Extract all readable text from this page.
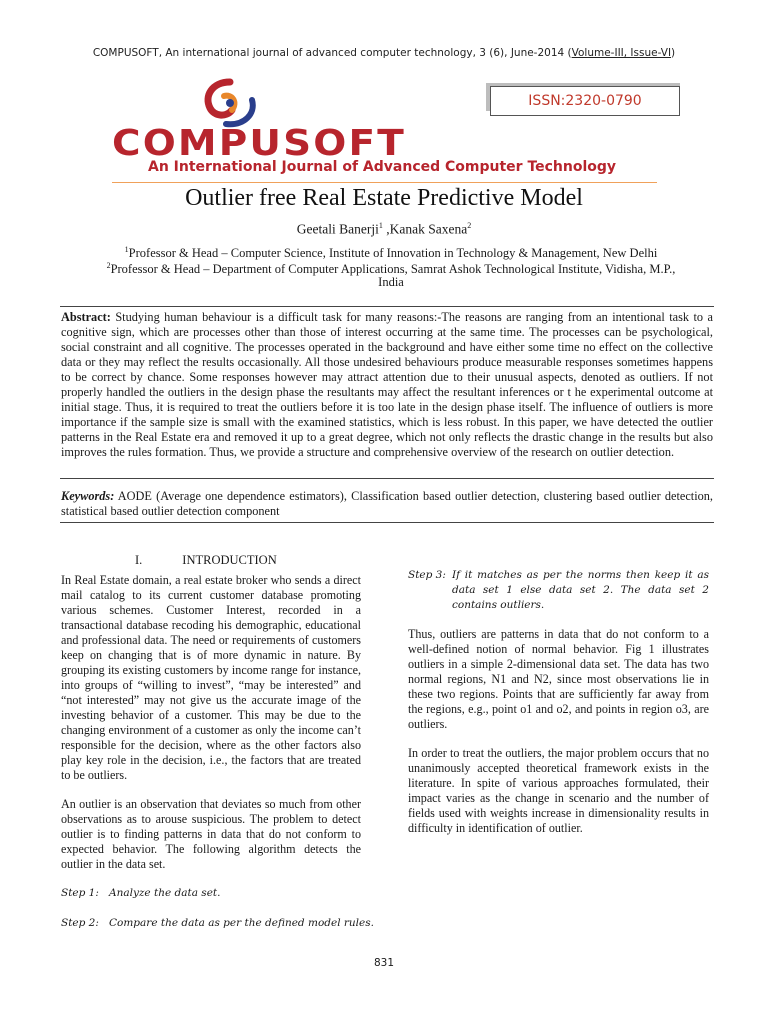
COMPUSOFT, An international journal of advanced computer technology, 3 (6), June-2014 (Volume-III, Issue-VI)
COMPUSOFT
An International Journal of Advanced Computer Technology
ISSN:2320-0790
Outlier free Real Estate Predictive Model
Geetali Banerji$^1$ ,Kanak Saxena$^2$
$^1$Professor & Head – Computer Science, Institute of Innovation in Technology & Management, New Delhi
$^2$Professor & Head – Department of Computer Applications, Samrat Ashok Technological Institute, Vidisha, M.P.,
India
Abstract: Studying human behaviour is a difficult task for many reasons:-The reasons are ranging from an intentional task to a cognitive sign, which are processes other than those of interest occurring at the same time. The processes can be psychological, social constraint and all cognitive. The processes operated in the background and have either some time no effect on the collective data or they may reflect the results occasionally. All those undesired behaviours produce measurable responses sometimes happens to be correct by chance. Some responses however may attract attention due to their unusual aspects, denoted as outliers. If not properly handled the outliers in the design phase the resultants may affect the resultant inferences or t he experimental outcome at initial stage. Thus, it is required to treat the outliers before it is too late in the design phase itself. The influence of outliers is more importance if the sample size is small with the examined statistics, which is less robust. In this paper, we have detected the outlier patterns in the Real Estate era and removed it up to a great degree, which not only reflects the drastic change in the results but also improves the rules formation. Thus, we provide a structure and comprehensive overview of the research on outlier detection.
Keywords: AODE (Average one dependence estimators), Classification based outlier detection, clustering based outlier detection, statistical based outlier detection component
I.	INTRODUCTION
In Real Estate domain, a real estate broker who sends a direct mail catalog to its current customer database promoting various schemes. Customer Interest, recorded in a transactional database recoding his demographic, educational and professional data. The need or requirements of customers keep on changing that is of more dynamic in nature. By grouping its existing customers by income range for instance, into groups of “willing to invest”, “may be interested” and “not interested” may not give us the accurate image of the investing behavior of a customer. This may be due to the changing environment of a customer as only the income can’t responsible for the decision, where as the other factors also play key role in the decision, i.e., the factors that are treated to be outliers.
An outlier is an observation that deviates so much from other observations as to arouse suspicious. The problem to detect outlier is to finding patterns in data that do not conform to expected behavior. The following algorithm detects the outlier in the data set.
Step 1: Analyze the data set.
Step 2: Compare the data as per the defined model rules.
Step 3: If it matches as per the norms then keep it as data set 1 else data set 2. The data set 2 contains outliers.
Thus, outliers are patterns in data that do not conform to a well-defined notion of normal behavior. Fig 1 illustrates outliers in a simple 2-dimensional data set. The data has two normal regions, N1 and N2, since most observations lie in these two regions. Points that are sufficiently far away from the regions, e.g., point o1 and o2, and points in region o3, are outliers.
In order to treat the outliers, the major problem occurs that no unanimously accepted theoretical framework exists in the literature. In spite of various approaches formulated, their impact varies as the change in scenario and the number of fields used with weights increase in dimensionality results in difficulty in identification of outlier.
831
